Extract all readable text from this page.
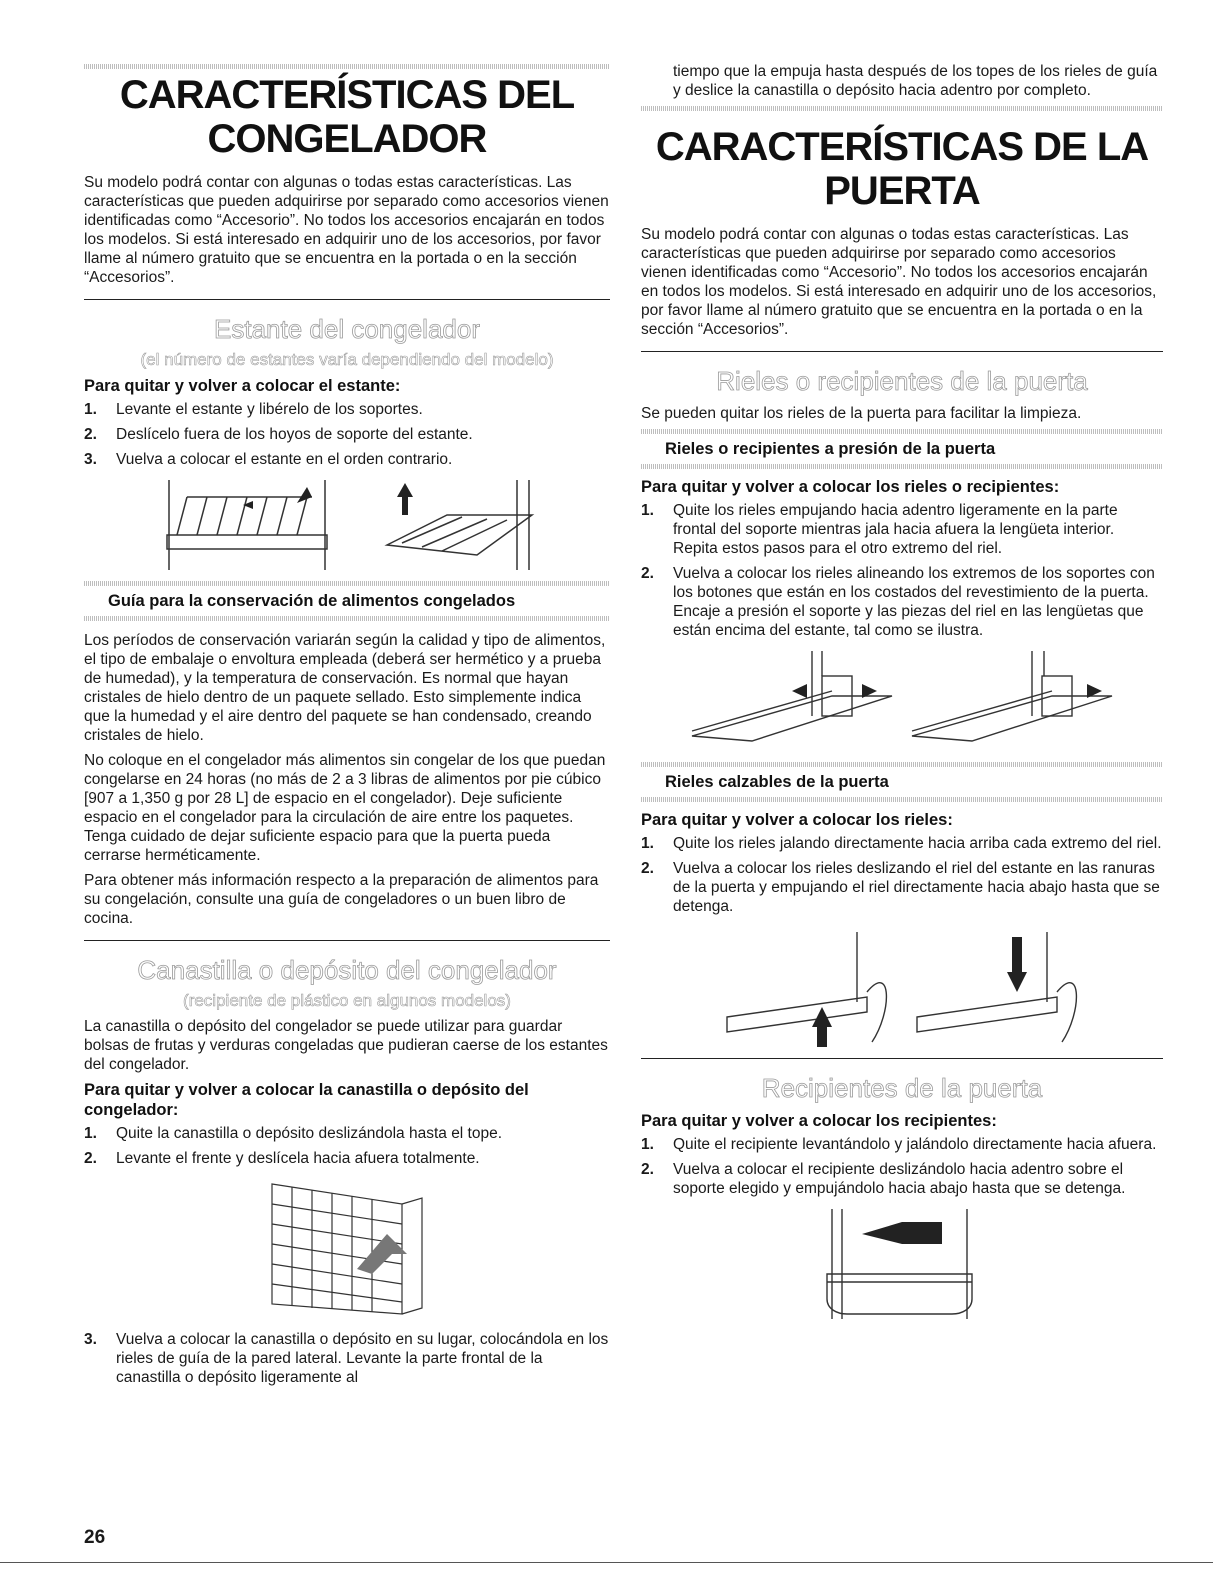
CARACTERÍSTICAS DEL CONGELADOR

Su modelo podrá contar con algunas o todas estas características. Las características que pueden adquirirse por separado como accesorios vienen identificadas como “Accesorio”. No todos los accesorios encajarán en todos los modelos. Si está interesado en adquirir uno de los accesorios, por favor llame al número gratuito que se encuentra en la portada o en la sección “Accesorios”.

Estante del congelador
(el número de estantes varía dependiendo del modelo)
Para quitar y volver a colocar el estante:
1. Levante el estante y libérelo de los soportes.
2. Deslícelo fuera de los hoyos de soporte del estante.
3. Vuelva a colocar el estante en el orden contrario.
Guía para la conservación de alimentos congelados

Los períodos de conservación variarán según la calidad y tipo de alimentos, el tipo de embalaje o envoltura empleada (deberá ser hermético y a prueba de humedad), y la temperatura de conservación. Es normal que hayan cristales de hielo dentro de un paquete sellado. Esto simplemente indica que la humedad y el aire dentro del paquete se han condensado, creando cristales de hielo.

No coloque en el congelador más alimentos sin congelar de los que puedan congelarse en 24 horas (no más de 2 a 3 libras de alimentos por pie cúbico [907 a 1,350 g por 28 L] de espacio en el congelador). Deje suficiente espacio en el congelador para la circulación de aire entre los paquetes. Tenga cuidado de dejar suficiente espacio para que la puerta pueda cerrarse herméticamente.

Para obtener más información respecto a la preparación de alimentos para su congelación, consulte una guía de congeladores o un buen libro de cocina.

Canastilla o depósito del congelador
(recipiente de plástico en algunos modelos)

La canastilla o depósito del congelador se puede utilizar para guardar bolsas de frutas y verduras congeladas que pudieran caerse de los estantes del congelador.

Para quitar y volver a colocar la canastilla o depósito del congelador:
1. Quite la canastilla o depósito deslizándola hasta el tope.
2. Levante el frente y deslícela hacia afuera totalmente.
3. Vuelva a colocar la canastilla o depósito en su lugar, colocándola en los rieles de guía de la pared lateral. Levante la parte frontal de la canastilla o depósito ligeramente al

tiempo que la empuja hasta después de los topes de los rieles de guía y deslice la canastilla o depósito hacia adentro por completo.

CARACTERÍSTICAS DE LA PUERTA

Su modelo podrá contar con algunas o todas estas características. Las características que pueden adquirirse por separado como accesorios vienen identificadas como “Accesorio”. No todos los accesorios encajarán en todos los modelos. Si está interesado en adquirir uno de los accesorios, por favor llame al número gratuito que se encuentra en la portada o en la sección “Accesorios”.

Rieles o recipientes de la puerta

Se pueden quitar los rieles de la puerta para facilitar la limpieza.

Rieles o recipientes a presión de la puerta
Para quitar y volver a colocar los rieles o recipientes:
1. Quite los rieles empujando hacia adentro ligeramente en la parte frontal del soporte mientras jala hacia afuera la lengüeta interior. Repita estos pasos para el otro extremo del riel.
2. Vuelva a colocar los rieles alineando los extremos de los soportes con los botones que están en los costados del revestimiento de la puerta. Encaje a presión el soporte y las piezas del riel en las lengüetas que están encima del estante, tal como se ilustra.
Rieles calzables de la puerta
Para quitar y volver a colocar los rieles:
1. Quite los rieles jalando directamente hacia arriba cada extremo del riel.
2. Vuelva a colocar los rieles deslizando el riel del estante en las ranuras de la puerta y empujando el riel directamente hacia abajo hasta que se detenga.
Recipientes de la puerta
Para quitar y volver a colocar los recipientes:
1. Quite el recipiente levantándolo y jalándolo directamente hacia afuera.
2. Vuelva a colocar el recipiente deslizándolo hacia adentro sobre el soporte elegido y empujándolo hacia abajo hasta que se detenga.
26
